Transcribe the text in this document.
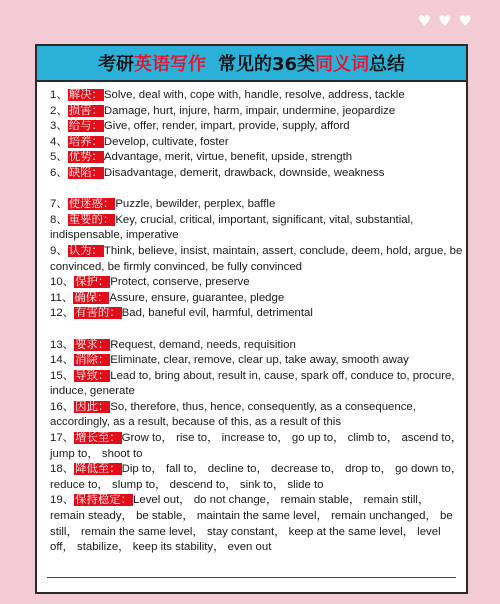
♥ ♥ ♥
考研 英语写作 常见的36类 同义词 总结
1、解决：Solve, deal with, cope with, handle, resolve, address, tackle
2、损害：Damage, hurt, injure, harm, impair, undermine, jeopardize
3、给与：Give, offer, render, impart, provide, supply, afford
4、培养：Develop, cultivate, foster
5、优势：Advantage, merit, virtue, benefit, upside, strength
6、缺陷：Disadvantage, demerit, drawback, downside, weakness
7、使迷惑：Puzzle, bewilder, perplex, baffle
8、重要的：Key, crucial, critical, important, significant, vital, substantial, indispensable, imperative
9、认为：Think, believe, insist, maintain, assert, conclude, deem, hold, argue, be convinced, be firmly convinced, be fully convinced
10、保护：Protect, conserve, preserve
11、确保：Assure, ensure, guarantee, pledge
12、有害的：Bad, baneful evil, harmful, detrimental
13、要求：Request, demand, needs, requisition
14、消除：Eliminate, clear, remove, clear up, take away, smooth away
15、导致：Lead to, bring about, result in, cause, spark off, conduce to, procure, induce, generate
16、因此：So, therefore, thus, hence, consequently, as a consequence, accordingly, as a result, because of this, as a result of this
17、增长至：Grow to， rise to， increase to， go up to， climb to， ascend to， jump to， shoot to
18、降低至：Dip to， fall to， decline to， decrease to， drop to， go down to， reduce to， slump to， descend to， sink to， slide to
19、保持稳定：Level out， do not change， remain stable， remain still， remain steady， be stable， maintain the same level， remain unchanged， be still， remain the same level， stay constant， keep at the same level， level off， stabilize， keep its stability， even out
